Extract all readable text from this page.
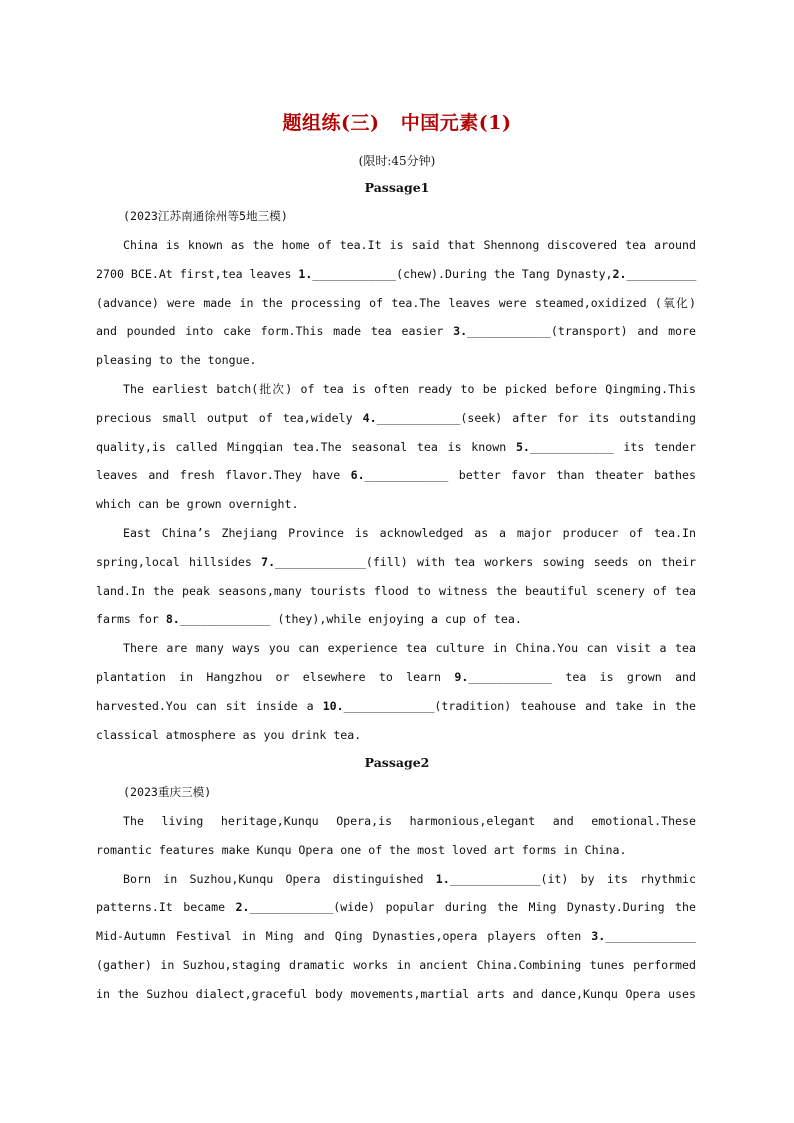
题组练(三)   中国元素(1)
(限时:45分钟)
Passage1
(2023江苏南通徐州等5地三模)
China is known as the home of tea.It is said that Shennong discovered tea around
2700 BCE.At first,tea leaves 1.____________(chew).During the Tang Dynasty,2.__________
(advance) were made in the processing of tea.The leaves were steamed,oxidized (氧化)
and pounded into cake form.This made tea easier 3.____________(transport) and more
pleasing to the tongue.
The earliest batch(批次) of tea is often ready to be picked before Qingming.This
precious small output of tea,widely 4.____________(seek) after for its outstanding
quality,is called Mingqian tea.The seasonal tea is known 5.____________ its tender
leaves and fresh flavor.They have 6.____________ better favor than theater bathes
which can be grown overnight.
East China’s Zhejiang Province is acknowledged as a major producer of tea.In
spring,local hillsides 7._____________(fill) with tea workers sowing seeds on their
land.In the peak seasons,many tourists flood to witness the beautiful scenery of tea
farms for 8._____________ (they),while enjoying a cup of tea.
There are many ways you can experience tea culture in China.You can visit a tea
plantation in Hangzhou or elsewhere to learn 9.____________ tea is grown and
harvested.You can sit inside a 10._____________(tradition) teahouse and take in the
classical atmosphere as you drink tea.
Passage2
(2023重庆三模)
The living heritage,Kunqu Opera,is harmonious,elegant and emotional.These
romantic features make Kunqu Opera one of the most loved art forms in China.
Born in Suzhou,Kunqu Opera distinguished 1._____________(it) by its rhythmic
patterns.It became 2.____________(wide) popular during the Ming Dynasty.During the
Mid-Autumn Festival in Ming and Qing Dynasties,opera players often 3._____________
(gather) in Suzhou,staging dramatic works in ancient China.Combining tunes performed
in the Suzhou dialect,graceful body movements,martial arts and dance,Kunqu Opera uses
